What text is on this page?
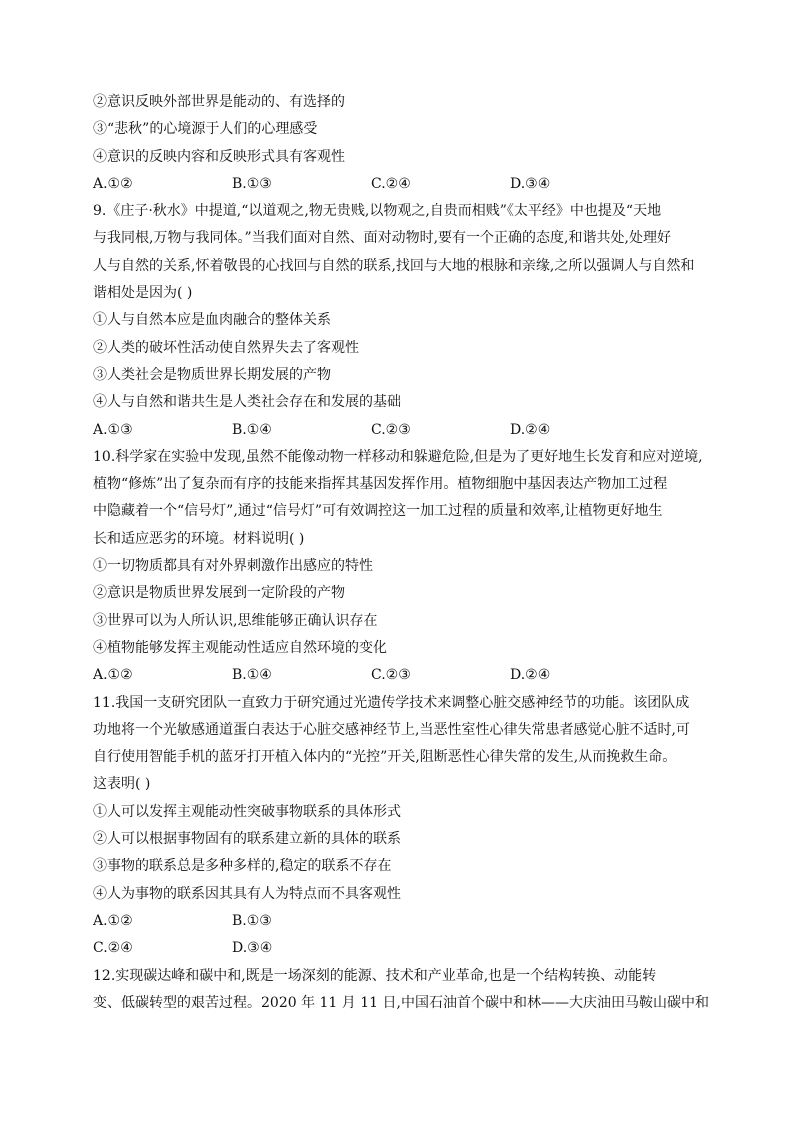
②意识反映外部世界是能动的、有选择的
③“悲秋”的心境源于人们的心理感受
④意识的反映内容和反映形式具有客观性
A.①②	B.①③	C.②④	D.③④
9.《庄子·秋水》中提道,“以道观之,物无贵贱,以物观之,自贵而相贱”《太平经》中也提及“天地
与我同根,万物与我同体。”当我们面对自然、面对动物时,要有一个正确的态度,和谐共处,处理好
人与自然的关系,怀着敬畏的心找回与自然的联系,找回与大地的根脉和亲缘,之所以强调人与自然和
谐相处是因为( )
①人与自然本应是血肉融合的整体关系
②人类的破坏性活动使自然界失去了客观性
③人类社会是物质世界长期发展的产物
④人与自然和谐共生是人类社会存在和发展的基础
A.①③	B.①④	C.②③	D.②④
10.科学家在实验中发现,虽然不能像动物一样移动和躲避危险,但是为了更好地生长发育和应对逆境,
植物“修炼”出了复杂而有序的技能来指挥其基因发挥作用。植物细胞中基因表达产物加工过程
中隐藏着一个“信号灯”,通过“信号灯”可有效调控这一加工过程的质量和效率,让植物更好地生
长和适应恶劣的环境。材料说明( )
①一切物质都具有对外界刺激作出感应的特性
②意识是物质世界发展到一定阶段的产物
③世界可以为人所认识,思维能够正确认识存在
④植物能够发挥主观能动性适应自然环境的变化
A.①②	B.①④	C.②③	D.②④
11.我国一支研究团队一直致力于研究通过光遗传学技术来调整心脏交感神经节的功能。该团队成
功地将一个光敏感通道蛋白表达于心脏交感神经节上,当恶性室性心律失常患者感觉心脏不适时,可
自行使用智能手机的蓝牙打开植入体内的“光控”开关,阻断恶性心律失常的发生,从而挽救生命。
这表明( )
①人可以发挥主观能动性突破事物联系的具体形式
②人可以根据事物固有的联系建立新的具体的联系
③事物的联系总是多种多样的,稳定的联系不存在
④人为事物的联系因其具有人为特点而不具客观性
A.①②	B.①③
C.②④	D.③④
12.实现碳达峰和碳中和,既是一场深刻的能源、技术和产业革命,也是一个结构转换、动能转
变、低碳转型的艰苦过程。2020 年 11 月 11 日,中国石油首个碳中和林——大庆油田马鞍山碳中和
